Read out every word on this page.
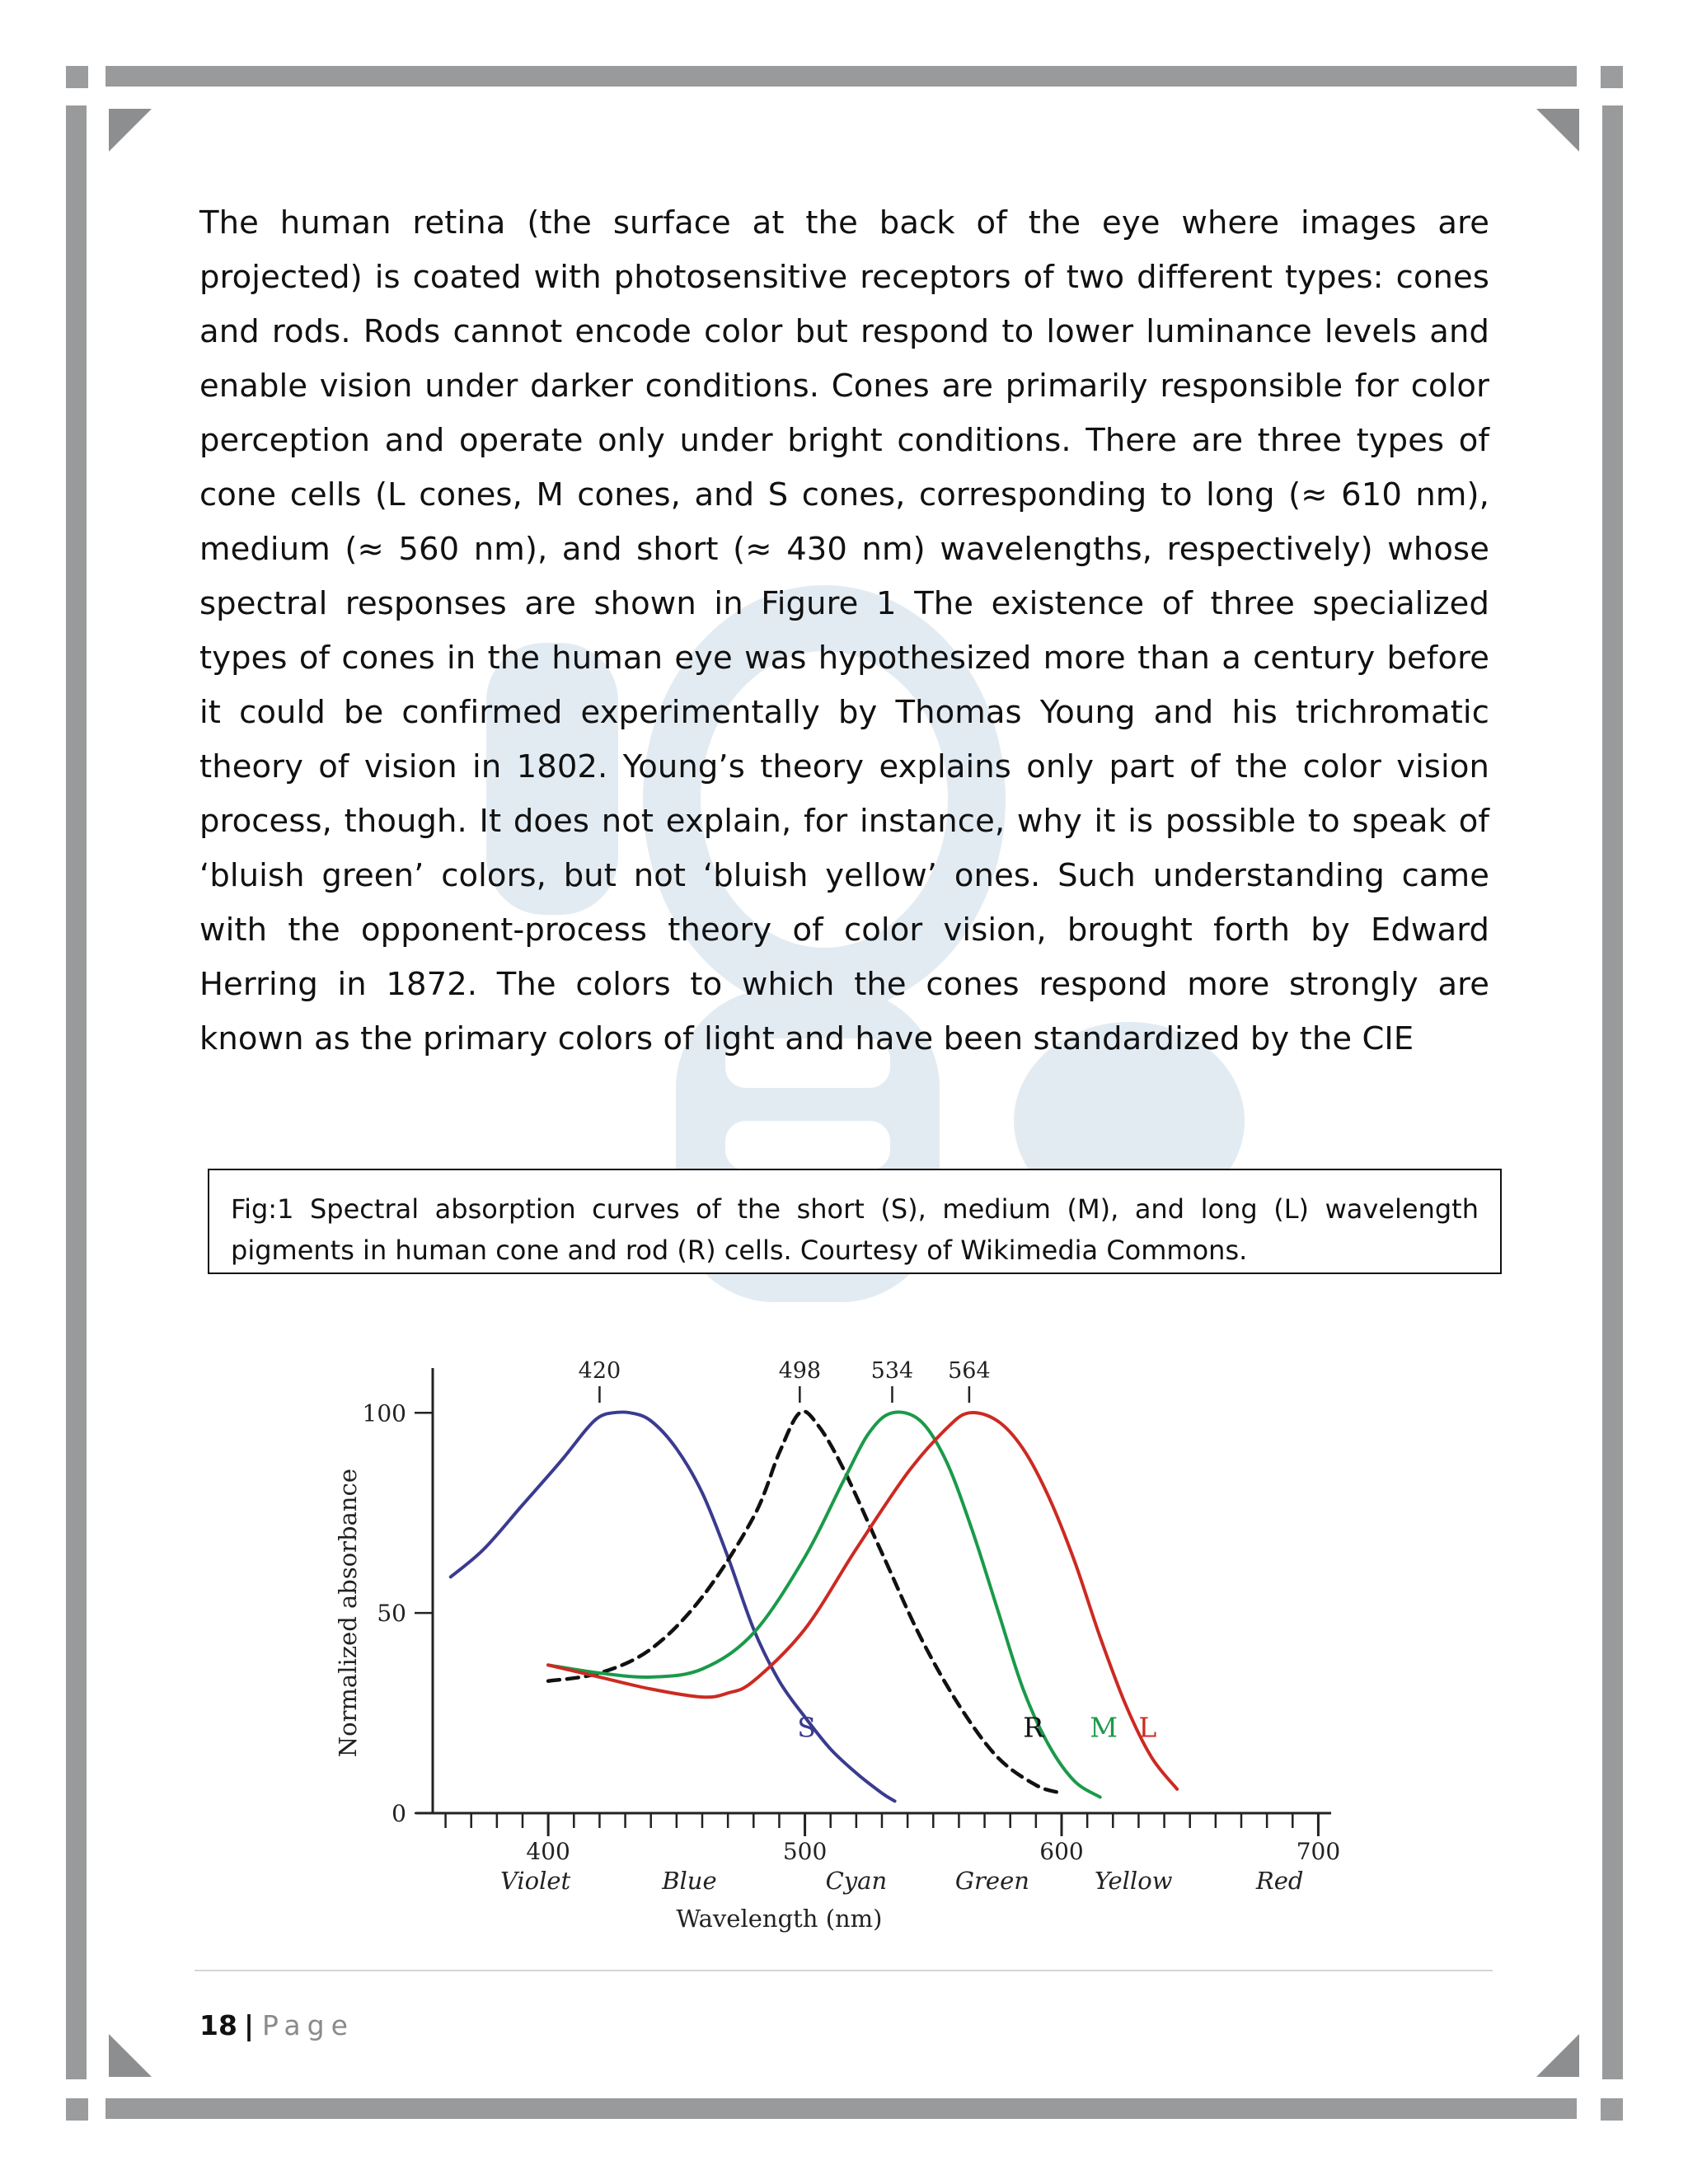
The human retina (the surface at the back of the eye where images are projected) is coated with photosensitive receptors of two different types: cones and rods. Rods cannot encode color but respond to lower luminance levels and enable vision under darker conditions. Cones are primarily responsible for color perception and operate only under bright conditions. There are three types of cone cells (L cones, M cones, and S cones, corresponding to long (≈ 610 nm), medium (≈ 560 nm), and short (≈ 430 nm) wavelengths, respectively) whose spectral responses are shown in Figure 1 The existence of three specialized types of cones in the human eye was hypothesized more than a century before it could be confirmed experimentally by Thomas Young and his trichromatic theory of vision in 1802. Young’s theory explains only part of the color vision process, though. It does not explain, for instance, why it is possible to speak of ‘bluish green’ colors, but not ‘bluish yellow’ ones. Such understanding came with the opponent-process theory of color vision, brought forth by Edward Herring in 1872. The colors to which the cones respond more strongly are known as the primary colors of light and have been standardized by the CIE

Fig:1 Spectral absorption curves of the short (S), medium (M), and long (L) wavelength pigments in human cone and rod (R) cells. Courtesy of Wikimedia Commons.

0
50
100
400	500	600	700
Violet	Blue	Cyan	Green	Yellow	Red
420	498 534 564
S	R M L
Normalized absorbance
Wavelength (nm)
18 | Page
